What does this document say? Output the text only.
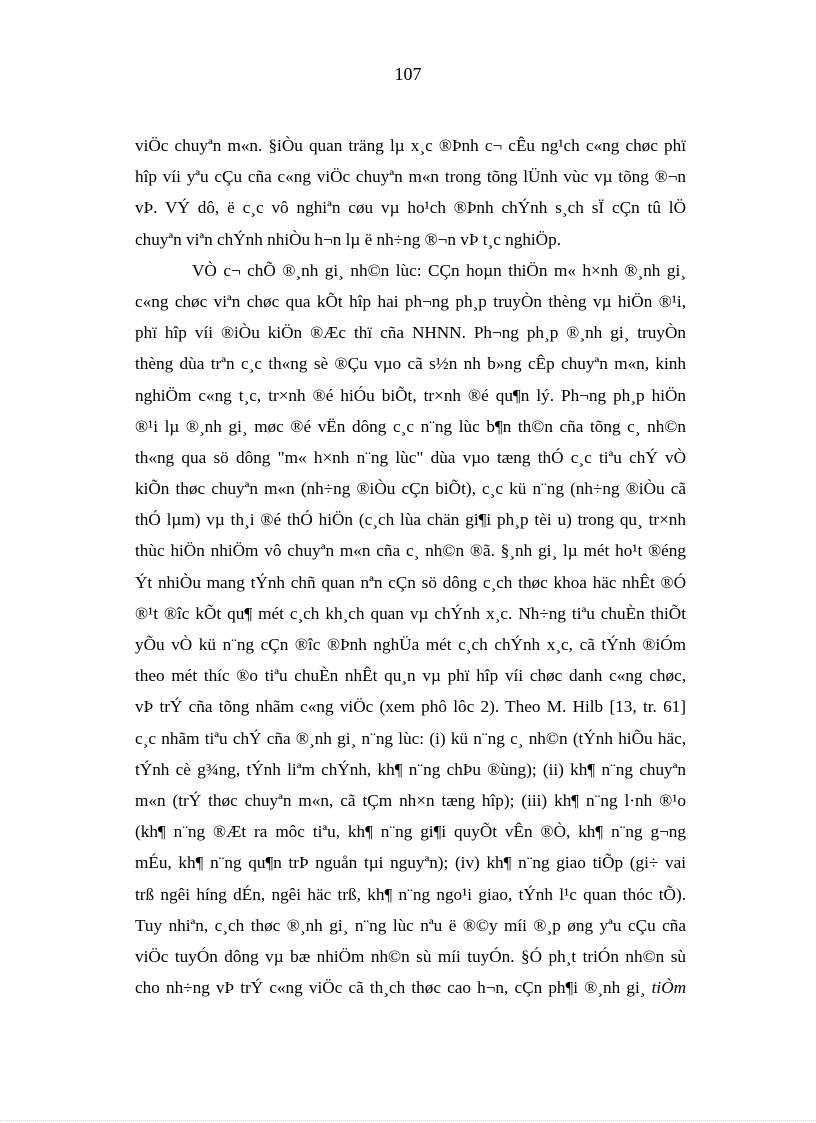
107
viÖc chuyªn m«n. §iÒu quan träng lµ x¸c ®Þnh c¬ cÊu ng¹ch c«ng chøc phï
hîp víi yªu cÇu cña c«ng viÖc chuyªn m«n trong tõng lÜnh vùc vµ tõng ®¬n
vÞ. VÝ dô, ë c¸c vô nghiªn cøu vµ ho¹ch ®Þnh chÝnh s¸ch sÏ cÇn tû lÖ
chuyªn viªn chÝnh nhiÒu h¬n lµ ë nh÷ng ®¬n vÞ t¸c nghiÖp.
VÒ c¬ chÕ ®¸nh gi¸ nh©n lùc: CÇn hoµn thiÖn m« h×nh ®¸nh gi¸
c«ng chøc viªn chøc qua kÕt hîp hai ph¬ng ph¸p truyÒn thèng vµ hiÖn ®¹i,
phï hîp víi ®iÒu kiÖn ®Æc thï cña NHNN. Ph¬ng ph¸p ®¸nh gi¸ truyÒn
thèng dùa trªn c¸c th«ng sè ®Çu vµo cã s½n nh b»ng cÊp chuyªn m«n, kinh
nghiÖm c«ng t¸c, tr×nh ®é hiÓu biÕt, tr×nh ®é qu¶n lý. Ph¬ng ph¸p hiÖn
®¹i lµ ®¸nh gi¸ møc ®é vËn dông c¸c n¨ng lùc b¶n th©n cña tõng c¸ nh©n
th«ng qua sö dông "m« h×nh n¨ng lùc" dùa vµo tæng thÓ c¸c tiªu chÝ vÒ
kiÕn thøc chuyªn m«n (nh÷ng ®iÒu cÇn biÕt), c¸c kü n¨ng (nh÷ng ®iÒu cã
thÓ lµm) vµ th¸i ®é thÓ hiÖn (c¸ch lùa chän gi¶i ph¸p tèi u) trong qu¸ tr×nh
thùc hiÖn nhiÖm vô chuyªn m«n cña c¸ nh©n ®ã. §¸nh gi¸ lµ mét ho¹t ®éng
Ýt nhiÒu mang tÝnh chñ quan nªn cÇn sö dông c¸ch thøc khoa häc nhÊt ®Ó
®¹t ®îc kÕt qu¶ mét c¸ch kh¸ch quan vµ chÝnh x¸c. Nh÷ng tiªu chuÈn thiÕt
yÕu vÒ kü n¨ng cÇn ®îc ®Þnh nghÜa mét c¸ch chÝnh x¸c, cã tÝnh ®iÓm
theo mét thíc ®o tiªu chuÈn nhÊt qu¸n vµ phï hîp víi chøc danh c«ng chøc,
vÞ trÝ cña tõng nhãm c«ng viÖc (xem phô lôc 2). Theo M. Hilb [13, tr. 61]
c¸c nhãm tiªu chÝ cña ®¸nh gi¸ n¨ng lùc: (i) kü n¨ng c¸ nh©n (tÝnh hiÕu häc,
tÝnh cè g¾ng, tÝnh liªm chÝnh, kh¶ n¨ng chÞu ®ùng); (ii) kh¶ n¨ng chuyªn
m«n (trÝ thøc chuyªn m«n, cã tÇm nh×n tæng hîp); (iii) kh¶ n¨ng l·nh ®¹o
(kh¶ n¨ng ®Æt ra môc tiªu, kh¶ n¨ng gi¶i quyÕt vÊn ®Ò, kh¶ n¨ng g¬ng
mÉu, kh¶ n¨ng qu¶n trÞ nguån tµi nguyªn); (iv) kh¶ n¨ng giao tiÕp (gi÷ vai
trß ngêi híng dÉn, ngêi häc trß, kh¶ n¨ng ngo¹i giao, tÝnh l¹c quan thóc tÕ).
Tuy nhiªn, c¸ch thøc ®¸nh gi¸ n¨ng lùc nªu ë ®©y míi ®¸p øng yªu cÇu cña
viÖc tuyÓn dông vµ bæ nhiÖm nh©n sù míi tuyÓn. §Ó ph¸t triÓn nh©n sù
cho nh÷ng vÞ trÝ c«ng viÖc cã th¸ch thøc cao h¬n, cÇn ph¶i ®¸nh gi¸ tiÒm
